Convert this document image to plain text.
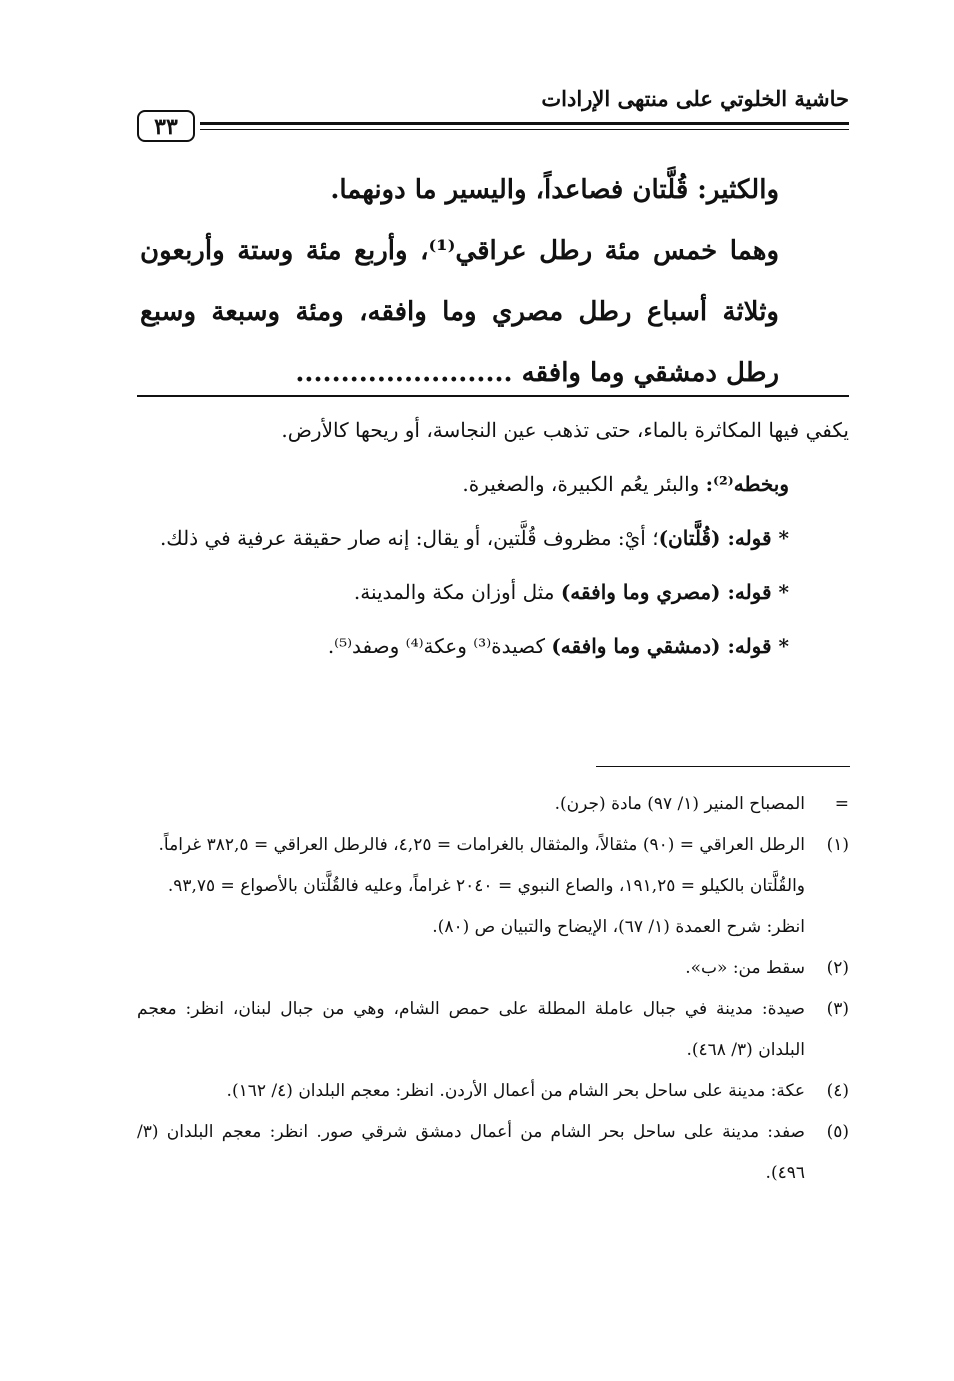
حاشية الخلوتي على منتهى الإرادات
٣٣

والكثير: قُلَّتان فصاعداً، واليسير ما دونهما.

وهما خمس مئة رطل عراقي⁽¹⁾، وأربع مئة وستة وأربعون وثلاثة أسباع رطل مصري وما وافقه، ومئة وسبعة وسبع رطل دمشقي وما وافقه ........................

يكفي فيها المكاثرة بالماء، حتى تذهب عين النجاسة، أو ريحها كالأرض.

وبخطه⁽²⁾: والبئر يعُم الكبيرة، والصغيرة.

* قوله: (قُلَّتان)؛ أيْ: مظروف قُلَّتين، أو يقال: إنه صار حقيقة عرفية في ذلك.

* قوله: (مصري وما وافقه) مثل أوزان مكة والمدينة.

* قوله: (دمشقي وما وافقه) كصيدة⁽³⁾ وعكة⁽⁴⁾ وصفد⁽⁵⁾.

=
المصباح المنير (١/ ٩٧) مادة (جرن).
(١)
الرطل العراقي = (٩٠) مثقالاً، والمثقال بالغرامات = ٤,٢٥، فالرطل العراقي = ٣٨٢,٥ غراماً.
والقُلَّتان بالكيلو = ١٩١,٢٥، والصاع النبوي = ٢٠٤٠ غراماً، وعليه فالقُلَّتان بالأصواع = ٩٣,٧٥.
انظر: شرح العمدة (١/ ٦٧)، الإيضاح والتبيان ص (٨٠).
(٢)
سقط من: «ب».
(٣)
صيدة: مدينة في جبال عاملة المطلة على حمص الشام، وهي من جبال لبنان، انظر: معجم البلدان (٣/ ٤٦٨).
(٤)
عكة: مدينة على ساحل بحر الشام من أعمال الأردن. انظر: معجم البلدان (٤/ ١٦٢).
(٥)
صفد: مدينة على ساحل بحر الشام من أعمال دمشق شرقي صور. انظر: معجم البلدان (٣/ ٤٩٦).
